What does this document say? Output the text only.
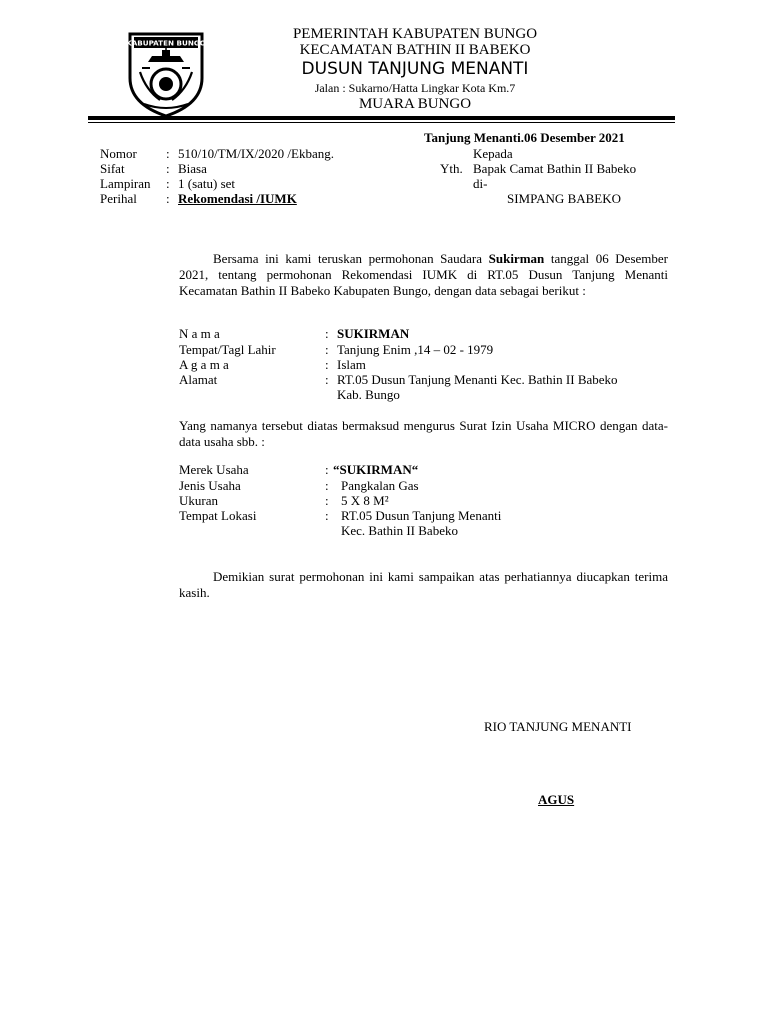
KABUPATEN BUNGO
PEMERINTAH KABUPATEN BUNGO
KECAMATAN BATHIN II BABEKO
DUSUN TANJUNG MENANTI
Jalan : Sukarno/Hatta Lingkar Kota Km.7
MUARA BUNGO
Tanjung Menanti.06 Desember 2021
Nomor : 510/10/TM/IX/2020 /Ekbang.
Sifat	: Biasa
Lampiran : 1 (satu) set
Perihal : Rekomendasi /IUMK
Kepada
Yth. Bapak Camat Bathin II Babeko
di-
SIMPANG BABEKO
Bersama ini kami teruskan permohonan Saudara Sukirman tanggal 06 Desember 2021, tentang permohonan Rekomendasi IUMK di RT.05 Dusun Tanjung Menanti Kecamatan Bathin II Babeko Kabupaten Bungo, dengan data sebagai berikut :
N a m a	: SUKIRMAN
Tempat/Tagl Lahir	: Tanjung Enim ,14 – 02 - 1979
A g a m a	: Islam
Alamat	: RT.05 Dusun Tanjung Menanti Kec. Bathin II Babeko
Kab. Bungo
Yang namanya tersebut diatas bermaksud mengurus Surat Izin Usaha MICRO dengan data-data usaha sbb. :
Merek Usaha	: “SUKIRMAN“
Jenis Usaha	: Pangkalan Gas
Ukuran	: 5 X 8 M²
Tempat Lokasi	: RT.05 Dusun Tanjung Menanti
Kec. Bathin II Babeko
Demikian surat permohonan ini kami sampaikan atas perhatiannya diucapkan terima kasih.
RIO TANJUNG MENANTI
AGUS
